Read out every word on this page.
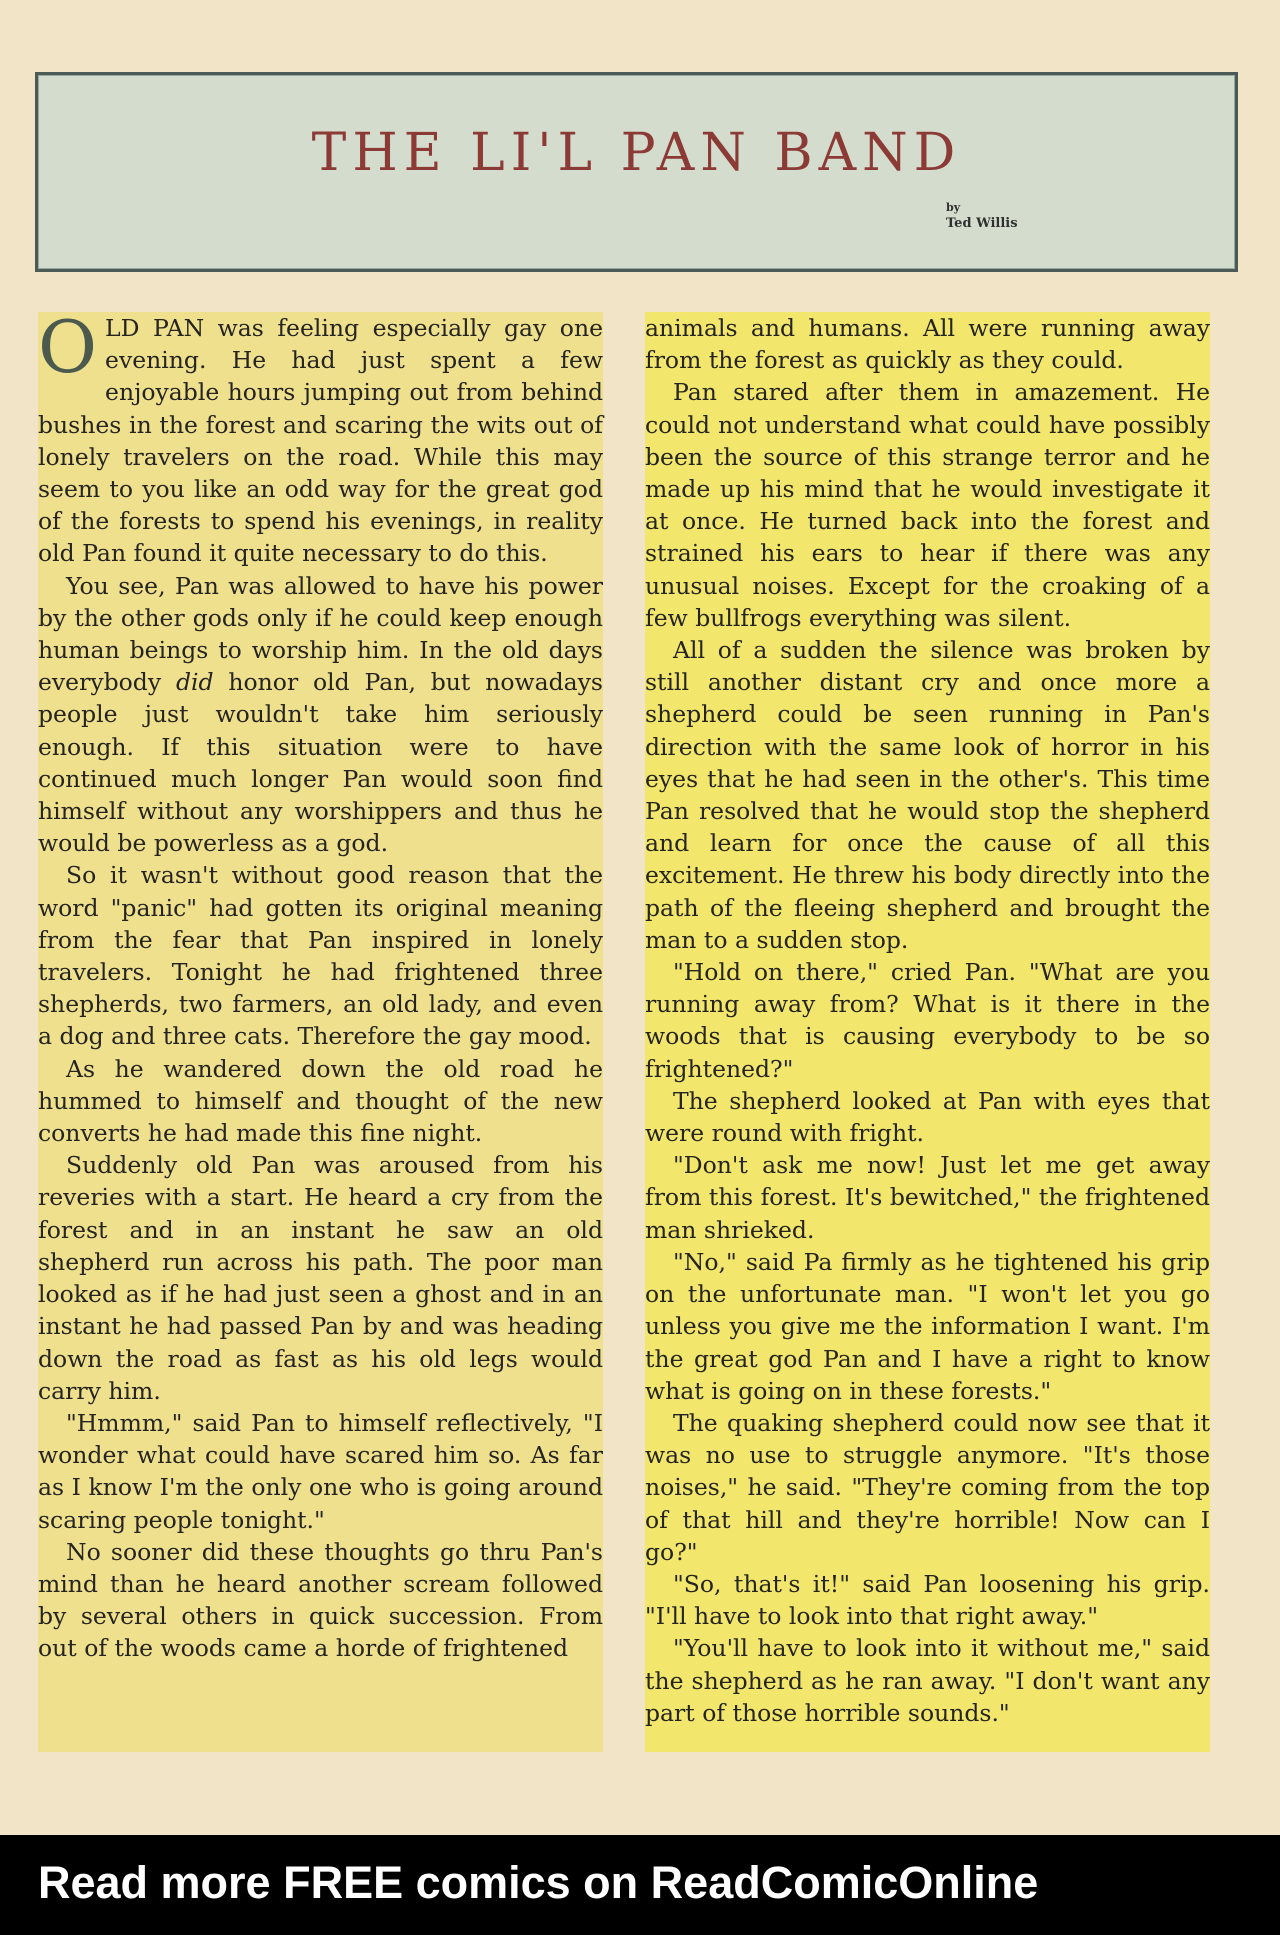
THE LI'L PAN BAND
by
Ted Willis

OLD PAN was feeling especially gay one evening. He had just spent a few enjoyable hours jumping out from behind bushes in the forest and scaring the wits out of lonely travelers on the road. While this may seem to you like an odd way for the great god of the forests to spend his evenings, in reality old Pan found it quite necessary to do this.

You see, Pan was allowed to have his power by the other gods only if he could keep enough human beings to worship him. In the old days everybody did honor old Pan, but nowadays people just wouldn't take him seriously enough. If this situation were to have continued much longer Pan would soon find himself without any worshippers and thus he would be powerless as a god.

So it wasn't without good reason that the word "panic" had gotten its original meaning from the fear that Pan inspired in lonely travelers. Tonight he had frightened three shepherds, two farmers, an old lady, and even a dog and three cats. Therefore the gay mood.

As he wandered down the old road he hummed to himself and thought of the new converts he had made this fine night.

Suddenly old Pan was aroused from his reveries with a start. He heard a cry from the forest and in an instant he saw an old shepherd run across his path. The poor man looked as if he had just seen a ghost and in an instant he had passed Pan by and was heading down the road as fast as his old legs would carry him.

"Hmmm," said Pan to himself reflectively, "I wonder what could have scared him so. As far as I know I'm the only one who is going around scaring people tonight."

No sooner did these thoughts go thru Pan's mind than he heard another scream followed by several others in quick succession. From out of the woods came a horde of frightened

animals and humans. All were running away from the forest as quickly as they could.

Pan stared after them in amazement. He could not understand what could have possibly been the source of this strange terror and he made up his mind that he would investigate it at once. He turned back into the forest and strained his ears to hear if there was any unusual noises. Except for the croaking of a few bullfrogs everything was silent.

All of a sudden the silence was broken by still another distant cry and once more a shepherd could be seen running in Pan's direction with the same look of horror in his eyes that he had seen in the other's. This time Pan resolved that he would stop the shepherd and learn for once the cause of all this excitement. He threw his body directly into the path of the fleeing shepherd and brought the man to a sudden stop.

"Hold on there," cried Pan. "What are you running away from? What is it there in the woods that is causing everybody to be so frightened?"

The shepherd looked at Pan with eyes that were round with fright.

"Don't ask me now! Just let me get away from this forest. It's bewitched," the frightened man shrieked.

"No," said Pa firmly as he tightened his grip on the unfortunate man. "I won't let you go unless you give me the information I want. I'm the great god Pan and I have a right to know what is going on in these forests."

The quaking shepherd could now see that it was no use to struggle anymore. "It's those noises," he said. "They're coming from the top of that hill and they're horrible! Now can I go?"

"So, that's it!" said Pan loosening his grip. "I'll have to look into that right away."

"You'll have to look into it without me," said the shepherd as he ran away. "I don't want any part of those horrible sounds."

Read more FREE comics on ReadComicOnline
